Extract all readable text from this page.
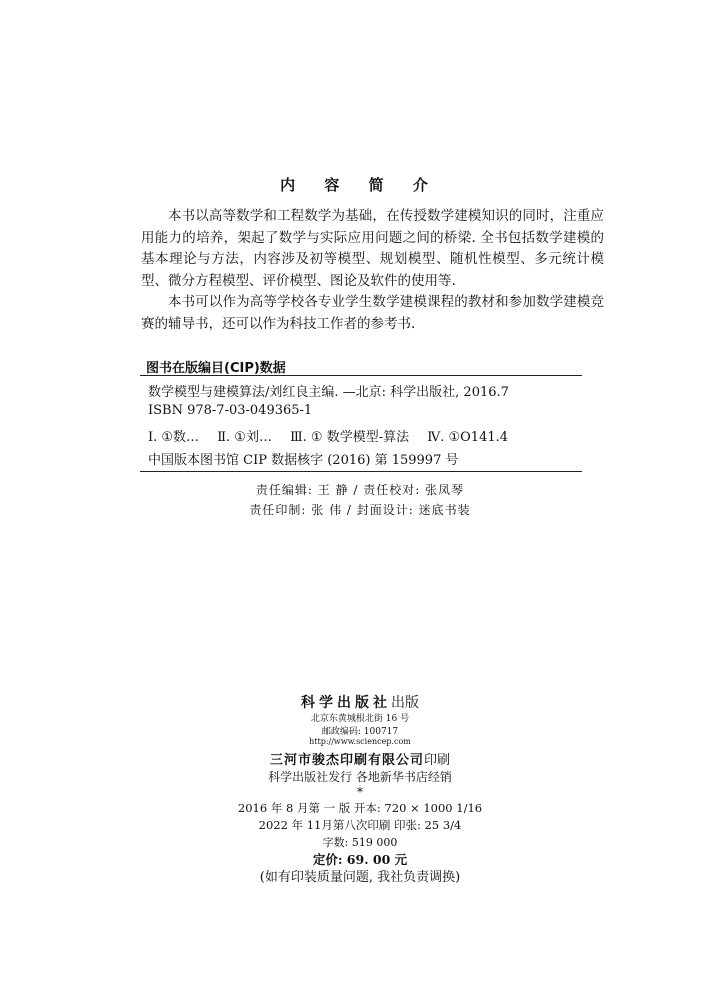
内 容 简 介

本书以高等数学和工程数学为基础，在传授数学建模知识的同时，注重应用能力的培养，架起了数学与实际应用问题之间的桥梁. 全书包括数学建模的基本理论与方法，内容涉及初等模型、规划模型、随机性模型、多元统计模型、微分方程模型、评价模型、图论及软件的使用等.

本书可以作为高等学校各专业学生数学建模课程的教材和参加数学建模竞赛的辅导书，还可以作为科技工作者的参考书.

图书在版编目(CIP)数据
数学模型与建模算法/刘红良主编. —北京: 科学出版社, 2016.7
ISBN 978-7-03-049365-1
Ⅰ. ①数… Ⅱ. ①刘… Ⅲ. ① 数学模型-算法 Ⅳ. ①O141.4
中国版本图书馆 CIP 数据核字 (2016) 第 159997 号
责任编辑: 王 静 / 责任校对: 张凤琴
责任印制: 张 伟 / 封面设计: 迷底书装
科学出版社出版
北京东黄城根北街 16 号
邮政编码: 100717
http://www.sciencep.com
三河市骏杰印刷有限公司印刷
科学出版社发行 各地新华书店经销
*
2016 年 8 月第 一 版 开本: 720 × 1000 1/16
2022 年 11月第八次印刷 印张: 25 3/4
字数: 519 000
定价: 69. 00 元
(如有印装质量问题, 我社负责调换)
